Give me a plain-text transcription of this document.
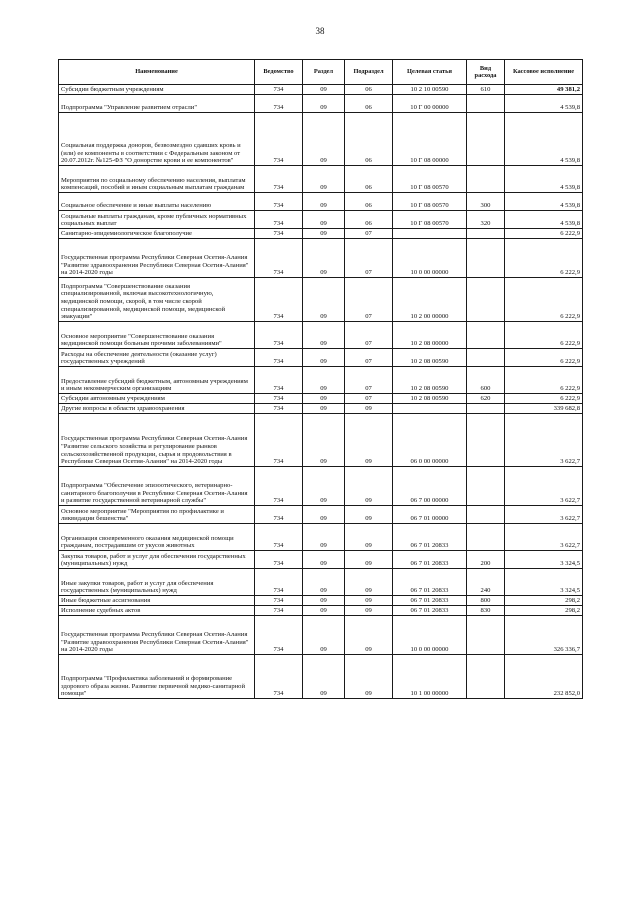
38
Наименование	Ведомство	Раздел	Подраздел	Целевая статья	Вид расхода	Кассовое исполнение
Субсидии бюджетным учреждениям	734	09	06	10 2 10 00590	610	49 381,2
Подпрограмма "Управление развитием отрасли"	734	09	06	10 Г 00 00000		4 539,8
Социальная поддержка доноров, безвозмездно сдавших кровь и (или) ее компоненты в соответствии с Федеральным законом от 20.07.2012г. №125-ФЗ "О донорстве крови и ее компонентов"	734	09	06	10 Г 08 00000		4 539,8
Мероприятия по социальному обеспечению населения, выплатам компенсаций, пособий и иным социальным выплатам гражданам	734	09	06	10 Г 08 00570		4 539,8
Социальное обеспечение и иные выплаты населению	734	09	06	10 Г 08 00570	300	4 539,8
Социальные выплаты гражданам, кроме публичных нормативных социальных выплат	734	09	06	10 Г 08 00570	320	4 539,8
Санитарно-эпидемиологическое благополучие	734	09	07			6 222,9
Государственная программа Республики Северная Осетия-Алания "Развитие здравоохранения Республики Северная Осетия-Алания" на 2014-2020 годы	734	09	07	10 0 00 00000		6 222,9
Подпрограмма "Совершенствование оказания специализированной, включая высокотехнологичную, медицинской помощи, скорой, в том числе скорой специализированной, медицинской помощи, медицинской эвакуации"	734	09	07	10 2 00 00000		6 222,9
Основное мероприятие "Совершенствование оказания медицинской помощи больным прочими заболеваниями"	734	09	07	10 2 08 00000		6 222,9
Расходы на обеспечение деятельности (оказание услуг) государственных учреждений	734	09	07	10 2 08 00590		6 222,9
Предоставление субсидий бюджетным, автономным учреждениям и иным некоммерческим организациям	734	09	07	10 2 08 00590	600	6 222,9
Субсидии автономным учреждениям	734	09	07	10 2 08 00590	620	6 222,9
Другие вопросы в области здравоохранения	734	09	09			339 682,8
Государственная программа Республики Северная Осетия-Алания "Развитие сельского хозяйства и регулирование рынков сельскохозяйственной продукции, сырья и продовольствия в Республике Северная Осетия-Алания" на 2014-2020 годы	734	09	09	06 0 00 00000		3 622,7
Подпрограмма "Обеспечение эпизоотического, ветеринарно-санитарного благополучия в Республике Северная Осетия-Алания и развитие государственной ветеринарной службы"	734	09	09	06 7 00 00000		3 622,7
Основное мероприятие "Мероприятия по профилактике и ликвидации бешенства"	734	09	09	06 7 01 00000		3 622,7
Организация своевременного оказания медицинской помощи гражданам, пострадавшим от укусов животных	734	09	09	06 7 01 20833		3 622,7
Закупка товаров, работ и услуг для обеспечения государственных (муниципальных) нужд	734	09	09	06 7 01 20833	200	3 324,5
Иные закупки товаров, работ и услуг для обеспечения государственных (муниципальных) нужд	734	09	09	06 7 01 20833	240	3 324,5
Иные бюджетные ассигнования	734	09	09	06 7 01 20833	800	298,2
Исполнение судебных актов	734	09	09	06 7 01 20833	830	298,2
Государственная программа Республики Северная Осетия-Алания "Развитие здравоохранения Республики Северная Осетия-Алания" на 2014-2020 годы	734	09	09	10 0 00 00000		326 336,7
Подпрограмма "Профилактика заболеваний и формирование здорового образа жизни. Развитие первичной медико-санитарной помощи"	734	09	09	10 1 00 00000		232 852,0
